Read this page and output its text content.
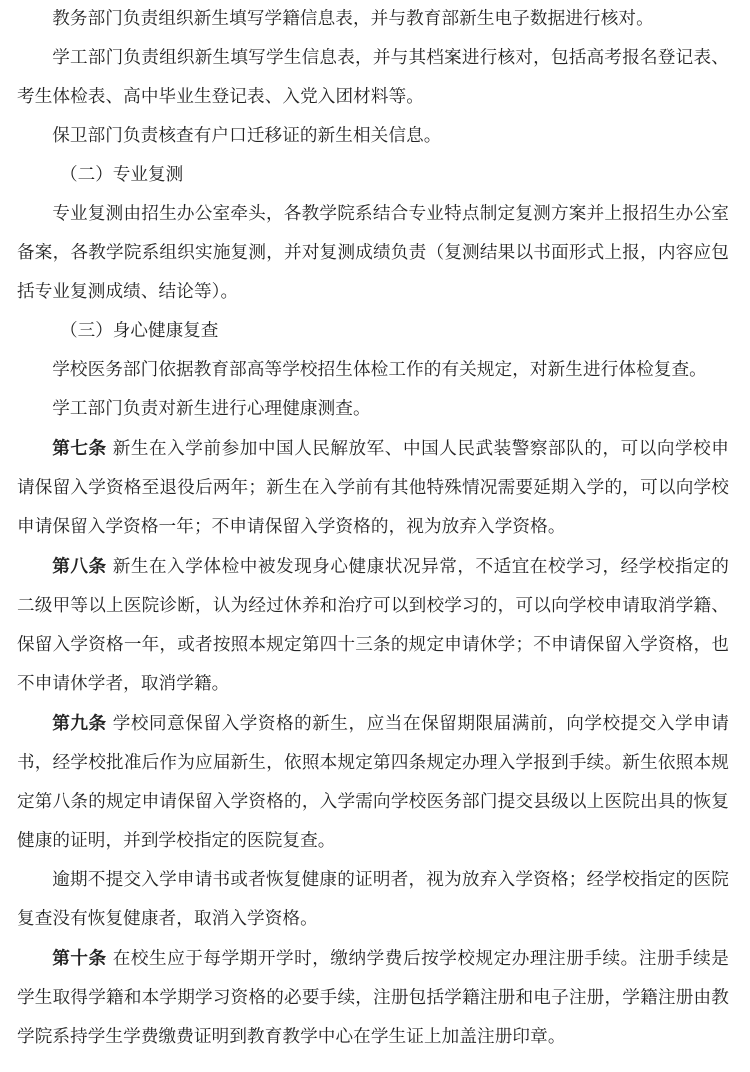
教务部门负责组织新生填写学籍信息表，并与教育部新生电子数据进行核对。

学工部门负责组织新生填写学生信息表，并与其档案进行核对，包括高考报名登记表、考生体检表、高中毕业生登记表、入党入团材料等。

保卫部门负责核查有户口迁移证的新生相关信息。

（二）专业复测

专业复测由招生办公室牵头，各教学院系结合专业特点制定复测方案并上报招生办公室备案，各教学院系组织实施复测，并对复测成绩负责（复测结果以书面形式上报，内容应包括专业复测成绩、结论等）。

（三）身心健康复查

学校医务部门依据教育部高等学校招生体检工作的有关规定，对新生进行体检复查。

学工部门负责对新生进行心理健康测查。

第七条 新生在入学前参加中国人民解放军、中国人民武装警察部队的，可以向学校申请保留入学资格至退役后两年；新生在入学前有其他特殊情况需要延期入学的，可以向学校申请保留入学资格一年；不申请保留入学资格的，视为放弃入学资格。

第八条 新生在入学体检中被发现身心健康状况异常，不适宜在校学习，经学校指定的二级甲等以上医院诊断，认为经过休养和治疗可以到校学习的，可以向学校申请取消学籍、保留入学资格一年，或者按照本规定第四十三条的规定申请休学；不申请保留入学资格，也不申请休学者，取消学籍。

第九条 学校同意保留入学资格的新生，应当在保留期限届满前，向学校提交入学申请书，经学校批准后作为应届新生，依照本规定第四条规定办理入学报到手续。新生依照本规定第八条的规定申请保留入学资格的，入学需向学校医务部门提交县级以上医院出具的恢复健康的证明，并到学校指定的医院复查。

逾期不提交入学申请书或者恢复健康的证明者，视为放弃入学资格；经学校指定的医院复查没有恢复健康者，取消入学资格。

第十条 在校生应于每学期开学时，缴纳学费后按学校规定办理注册手续。注册手续是学生取得学籍和本学期学习资格的必要手续，注册包括学籍注册和电子注册，学籍注册由教学院系持学生学费缴费证明到教育教学中心在学生证上加盖注册印章。
